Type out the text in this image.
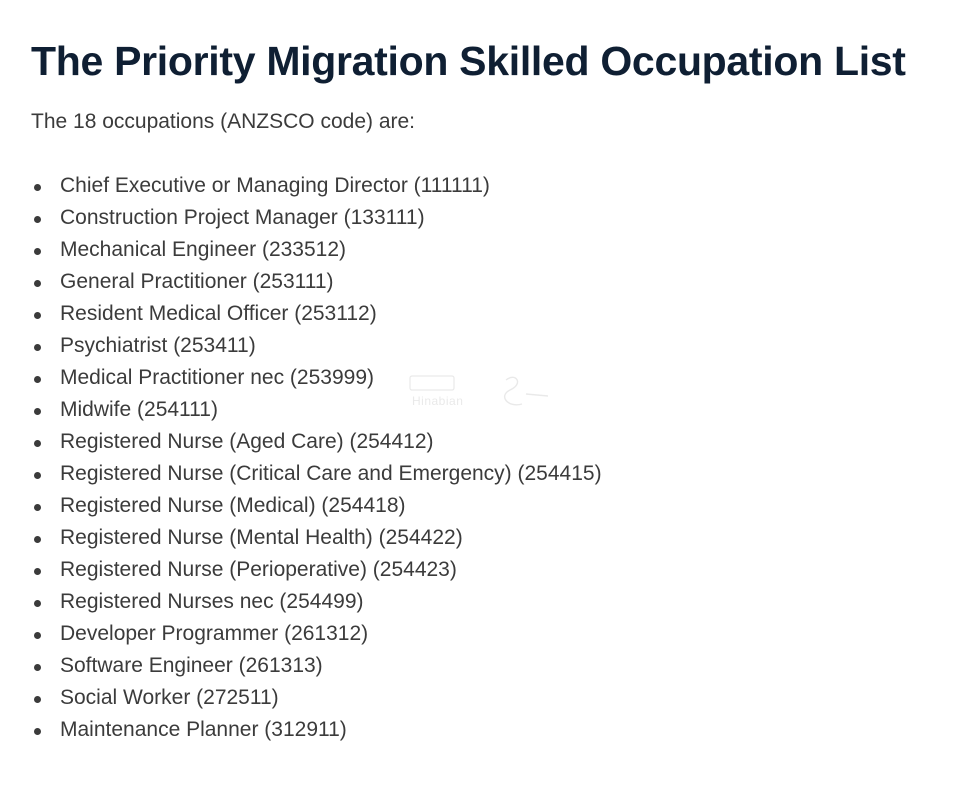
The Priority Migration Skilled Occupation List

The 18 occupations (ANZSCO code) are:

Chief Executive or Managing Director (111111)
Construction Project Manager (133111)
Mechanical Engineer (233512)
General Practitioner (253111)
Resident Medical Officer (253112)
Psychiatrist (253411)
Medical Practitioner nec (253999)
Midwife (254111)
Registered Nurse (Aged Care) (254412)
Registered Nurse (Critical Care and Emergency) (254415)
Registered Nurse (Medical) (254418)
Registered Nurse (Mental Health) (254422)
Registered Nurse (Perioperative) (254423)
Registered Nurses nec (254499)
Developer Programmer (261312)
Software Engineer (261313)
Social Worker (272511)
Maintenance Planner (312911)
Hinabian
